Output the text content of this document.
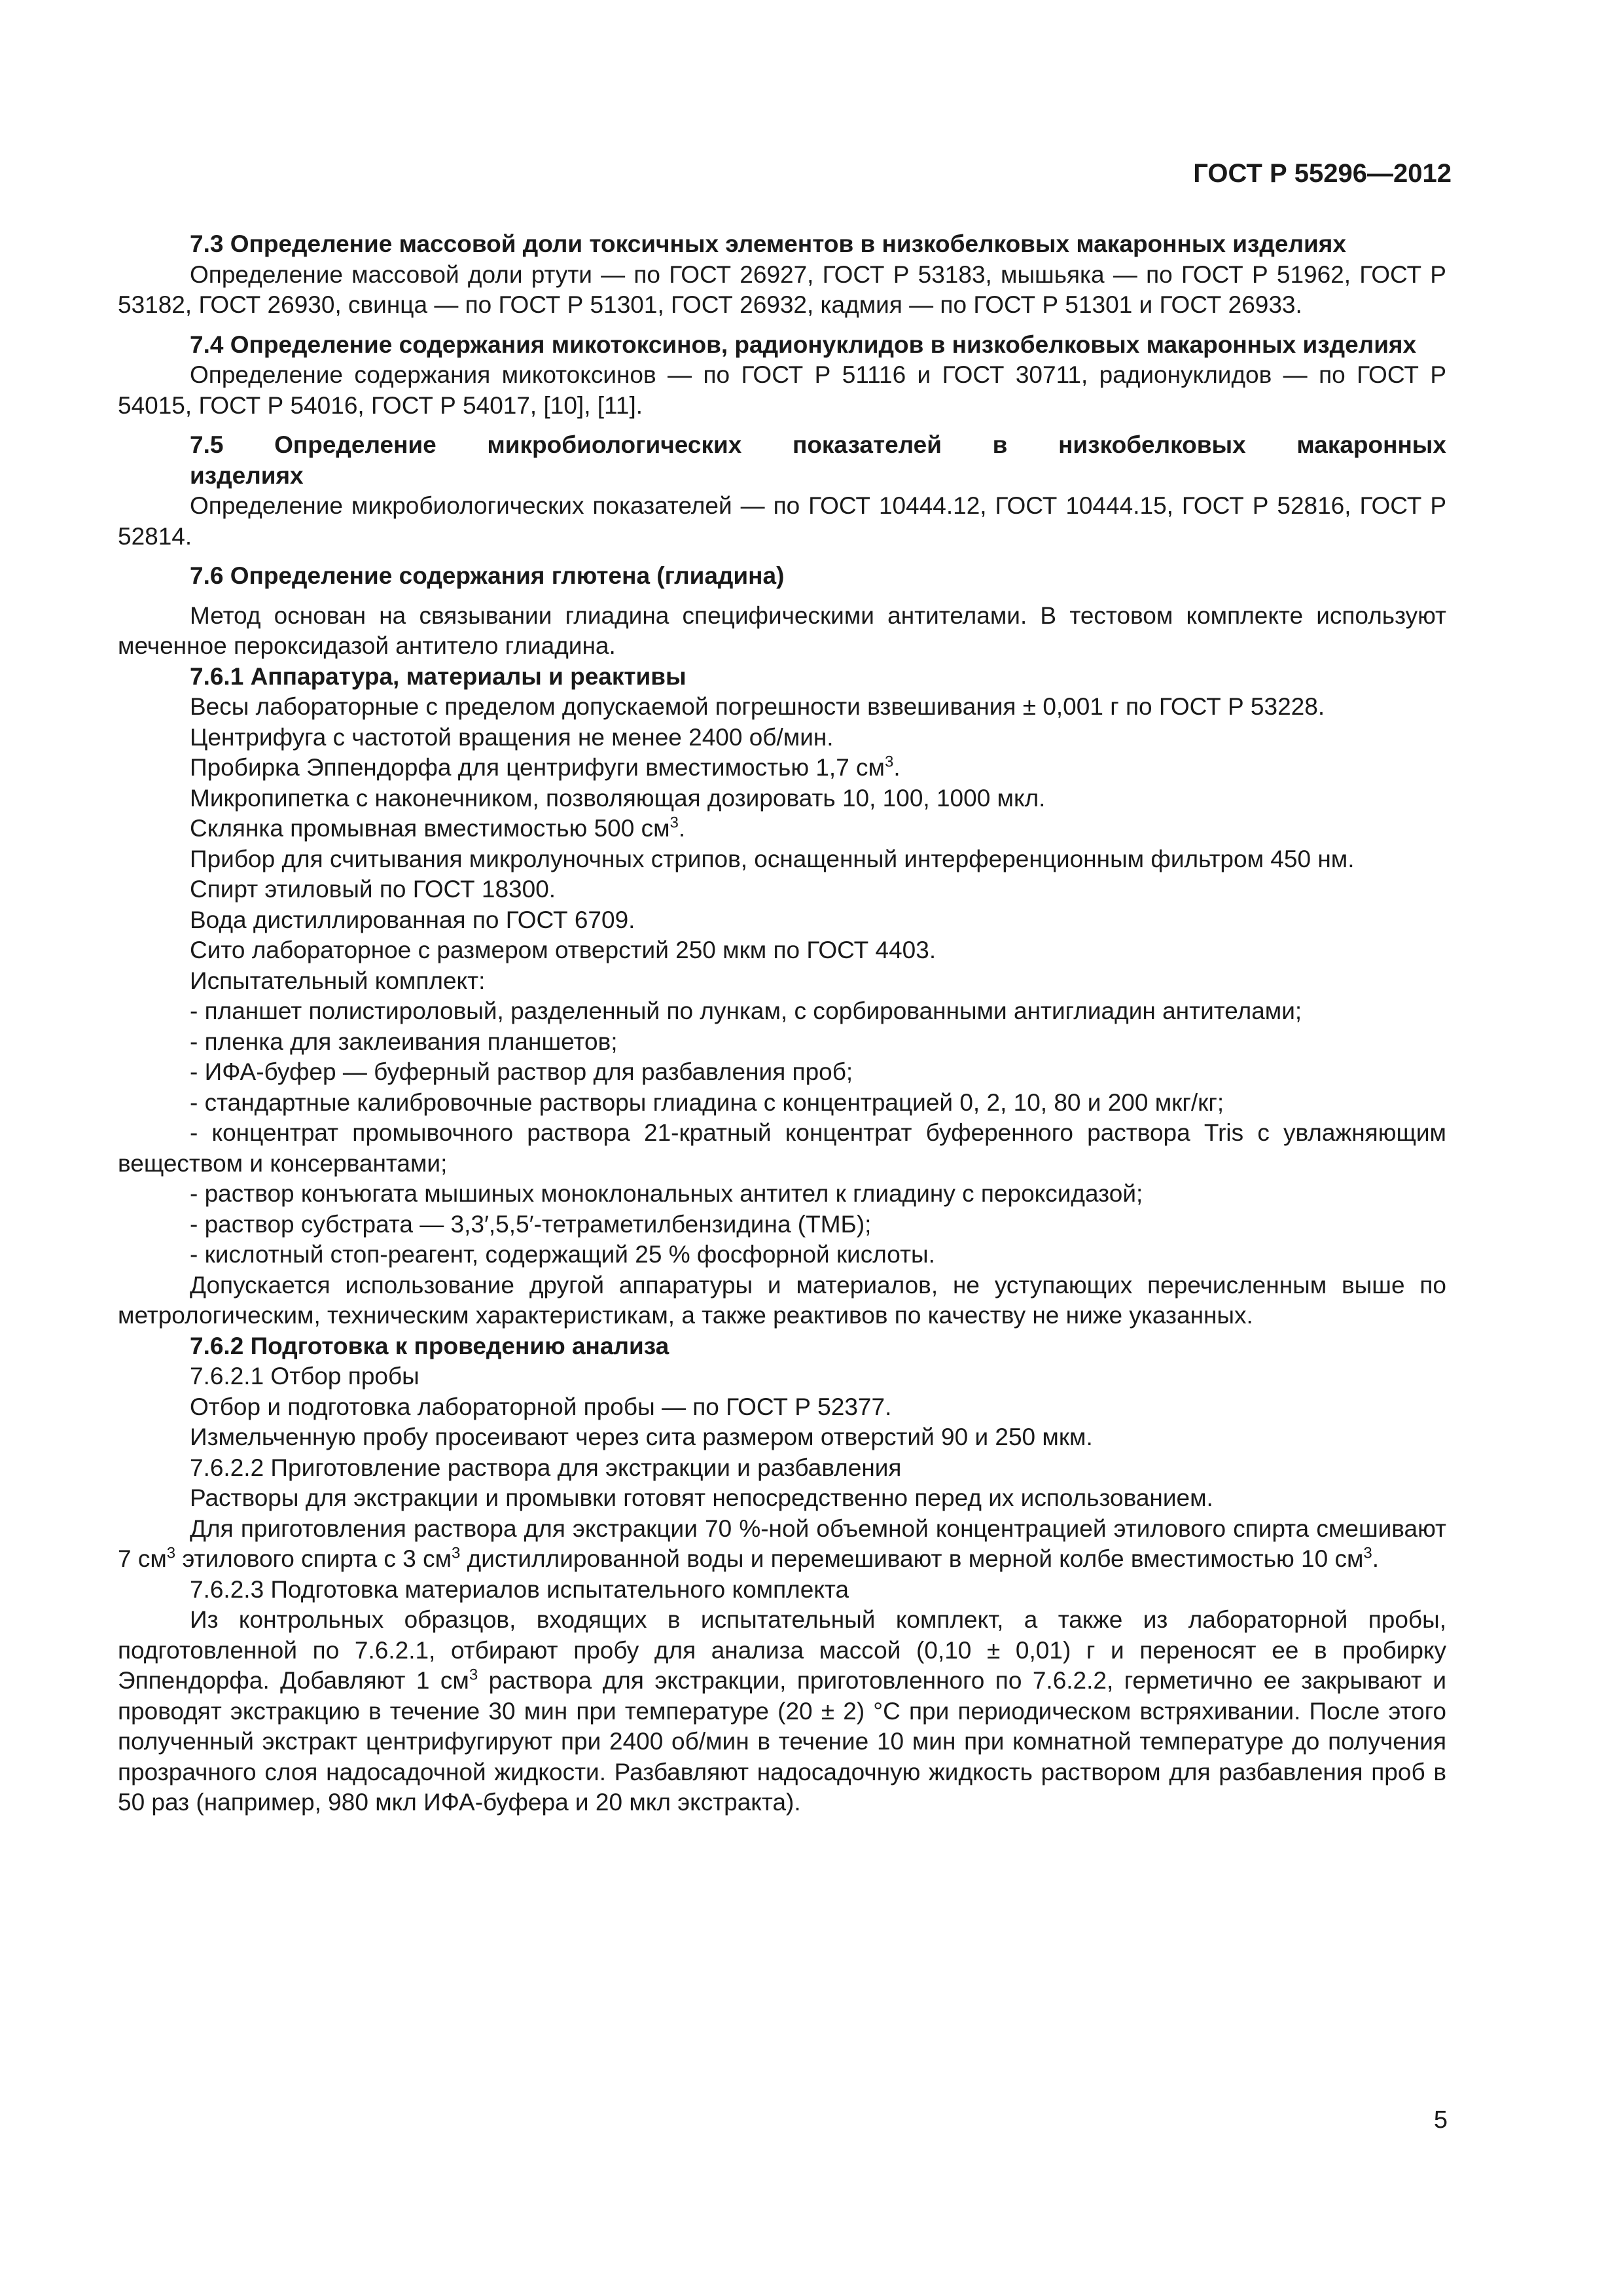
ГОСТ Р 55296—2012

7.3 Определение массовой доли токсичных элементов в низкобелковых макаронных изделиях

Определение массовой доли ртути — по ГОСТ 26927, ГОСТ Р 53183, мышьяка — по ГОСТ Р 51962, ГОСТ Р 53182, ГОСТ 26930, свинца — по ГОСТ Р 51301, ГОСТ 26932, кадмия — по ГОСТ Р 51301 и ГОСТ 26933.

7.4 Определение содержания микотоксинов, радионуклидов в низкобелковых макаронных изделиях

Определение содержания микотоксинов — по ГОСТ Р 51116 и ГОСТ 30711, радионуклидов — по ГОСТ Р 54015, ГОСТ Р 54016, ГОСТ Р 54017, [10], [11].

7.5 Определение микробиологических показателей в низкобелковых макаронных

изделиях

Определение микробиологических показателей — по ГОСТ 10444.12, ГОСТ 10444.15, ГОСТ Р 52816, ГОСТ Р 52814.

7.6 Определение содержания глютена (глиадина)

Метод основан на связывании глиадина специфическими антителами. В тестовом комплекте используют меченное пероксидазой антитело глиадина.

7.6.1 Аппаратура, материалы и реактивы

Весы лабораторные с пределом допускаемой погрешности взвешивания ± 0,001 г по ГОСТ Р 53228.

Центрифуга с частотой вращения не менее 2400 об/мин.

Пробирка Эппендорфа для центрифуги вместимостью 1,7 $см^3$.

Микропипетка с наконечником, позволяющая дозировать 10, 100, 1000 мкл.

Склянка промывная вместимостью 500 $см^3$.

Прибор для считывания микролуночных стрипов, оснащенный интерференционным фильтром 450 нм.

Спирт этиловый по ГОСТ 18300.

Вода дистиллированная по ГОСТ 6709.

Сито лабораторное с размером отверстий 250 мкм по ГОСТ 4403.

Испытательный комплект:

- планшет полистироловый, разделенный по лункам, с сорбированными антиглиадин антителами;

- пленка для заклеивания планшетов;

- ИФА-буфер — буферный раствор для разбавления проб;

- стандартные калибровочные растворы глиадина с концентрацией 0, 2, 10, 80 и 200 мкг/кг;

- концентрат промывочного раствора 21-кратный концентрат буференного раствора Tris с увлажняющим веществом и консервантами;

- раствор конъюгата мышиных моноклональных антител к глиадину с пероксидазой;

- раствор субстрата — 3,3′,5,5′-тетраметилбензидина (ТМБ);

- кислотный стоп-реагент, содержащий 25 % фосфорной кислоты.

Допускается использование другой аппаратуры и материалов, не уступающих перечисленным выше по метрологическим, техническим характеристикам, а также реактивов по качеству не ниже указанных.

7.6.2 Подготовка к проведению анализа

7.6.2.1 Отбор пробы

Отбор и подготовка лабораторной пробы — по ГОСТ Р 52377.

Измельченную пробу просеивают через сита размером отверстий 90 и 250 мкм.

7.6.2.2 Приготовление раствора для экстракции и разбавления

Растворы для экстракции и промывки готовят непосредственно перед их использованием.

Для приготовления раствора для экстракции 70 %-ной объемной концентрацией этилового спирта смешивают 7 $см^3$ этилового спирта с 3 $см^3$ дистиллированной воды и перемешивают в мерной колбе вместимостью 10 $см^3$.

7.6.2.3 Подготовка материалов испытательного комплекта

Из контрольных образцов, входящих в испытательный комплект, а также из лабораторной пробы, подготовленной по 7.6.2.1, отбирают пробу для анализа массой (0,10 ± 0,01) г и переносят ее в пробирку Эппендорфа. Добавляют 1 $см^3$ раствора для экстракции, приготовленного по 7.6.2.2, герметично ее закрывают и проводят экстракцию в течение 30 мин при температуре (20 ± 2) °С при периодическом встряхивании. После этого полученный экстракт центрифугируют при 2400 об/мин в течение 10 мин при комнатной температуре до получения прозрачного слоя надосадочной жидкости. Разбавляют надосадочную жидкость раствором для разбавления проб в 50 раз (например, 980 мкл ИФА-буфера и 20 мкл экстракта).

5
